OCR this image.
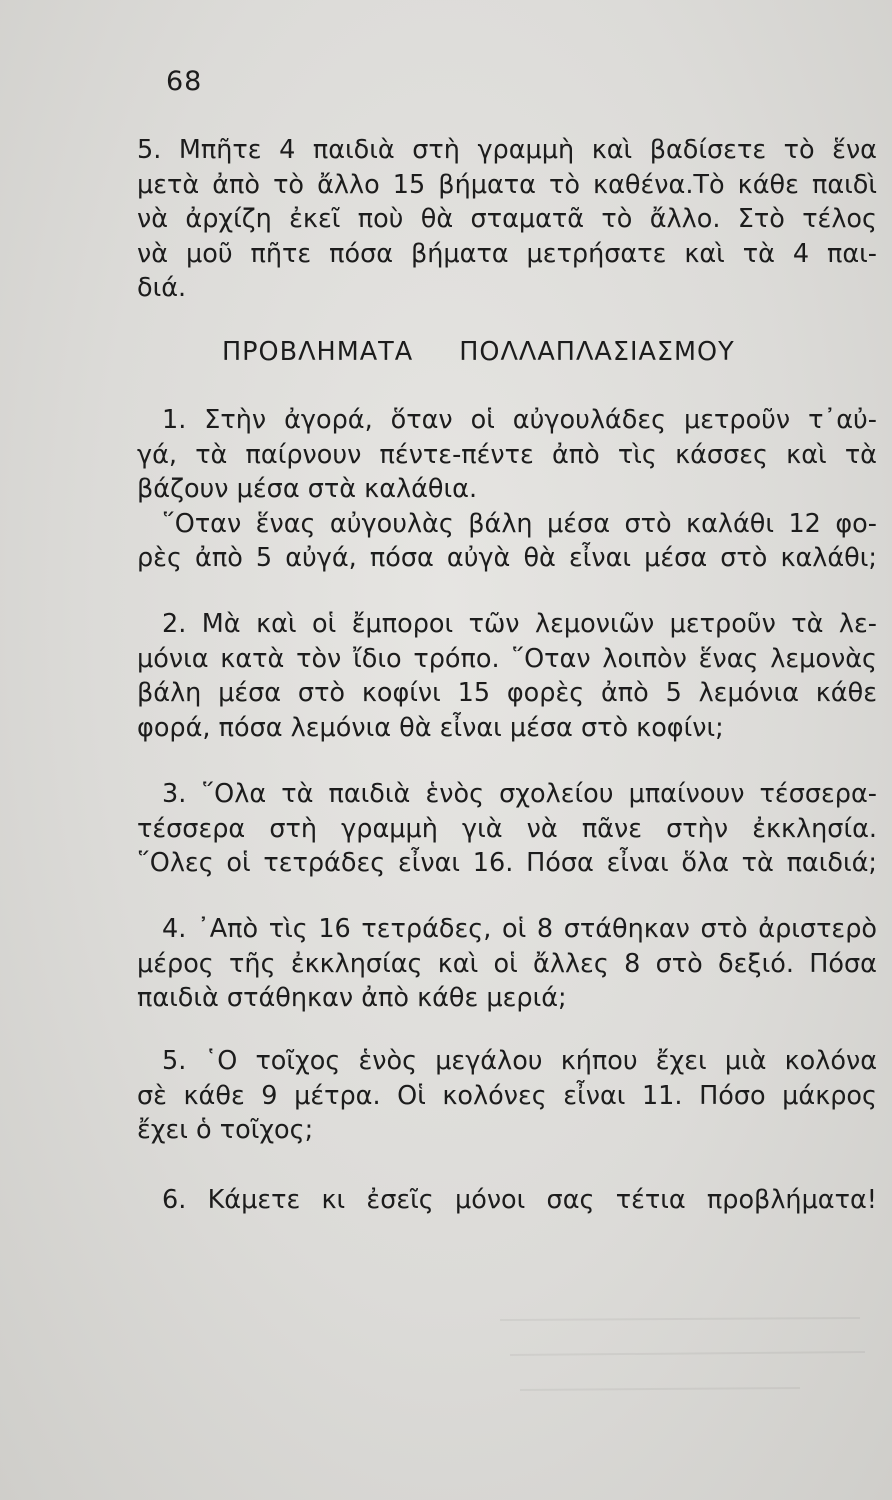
68
5. Μπῆτε 4 παιδιὰ στὴ γραμμὴ καὶ βαδίσετε τὸ ἕνα
μετὰ ἀπὸ τὸ ἄλλο 15 βήματα τὸ καθένα.Τὸ κάθε παιδὶ
νὰ ἀρχίζη ἐκεῖ ποὺ θὰ σταματᾶ τὸ ἄλλο. Στὸ τέλος
νὰ μοῦ πῆτε πόσα βήματα μετρήσατε καὶ τὰ 4 παι-
διά.
ΠΡΟΒΛΗΜΑΤΑ ΠΟΛΛΑΠΛΑΣΙΑΣΜΟΥ
1. Στὴν ἀγορά, ὅταν οἱ αὐγουλάδες μετροῦν τ᾽αὐ-
γά, τὰ παίρνουν πέντε-πέντε ἀπὸ τὶς κάσσες καὶ τὰ
βάζουν μέσα στὰ καλάθια.
῞Οταν ἕνας αὐγουλὰς βάλη μέσα στὸ καλάθι 12 φο-
ρὲς ἀπὸ 5 αὐγά, πόσα αὐγὰ θὰ εἶναι μέσα στὸ καλάθι;
2. Μὰ καὶ οἱ ἔμποροι τῶν λεμονιῶν μετροῦν τὰ λε-
μόνια κατὰ τὸν ἴδιο τρόπο. ῞Οταν λοιπὸν ἕνας λεμονὰς
βάλη μέσα στὸ κοφίνι 15 φορὲς ἀπὸ 5 λεμόνια κάθε
φορά, πόσα λεμόνια θὰ εἶναι μέσα στὸ κοφίνι;
3. ῞Ολα τὰ παιδιὰ ἑνὸς σχολείου μπαίνουν τέσσερα-
τέσσερα στὴ γραμμὴ γιὰ νὰ πᾶνε στὴν ἐκκλησία.
῞Ολες οἱ τετράδες εἶναι 16. Πόσα εἶναι ὅλα τὰ παιδιά;
4. ᾽Απὸ τὶς 16 τετράδες, οἱ 8 στάθηκαν στὸ ἀριστερὸ
μέρος τῆς ἐκκλησίας καὶ οἱ ἄλλες 8 στὸ δεξιό. Πόσα
παιδιὰ στάθηκαν ἀπὸ κάθε μεριά;
5. ῾Ο τοῖχος ἑνὸς μεγάλου κήπου ἔχει μιὰ κολόνα
σὲ κάθε 9 μέτρα. Οἱ κολόνες εἶναι 11. Πόσο μάκρος
ἔχει ὁ τοῖχος;
6. Κάμετε κι ἐσεῖς μόνοι σας τέτια προβλήματα!
